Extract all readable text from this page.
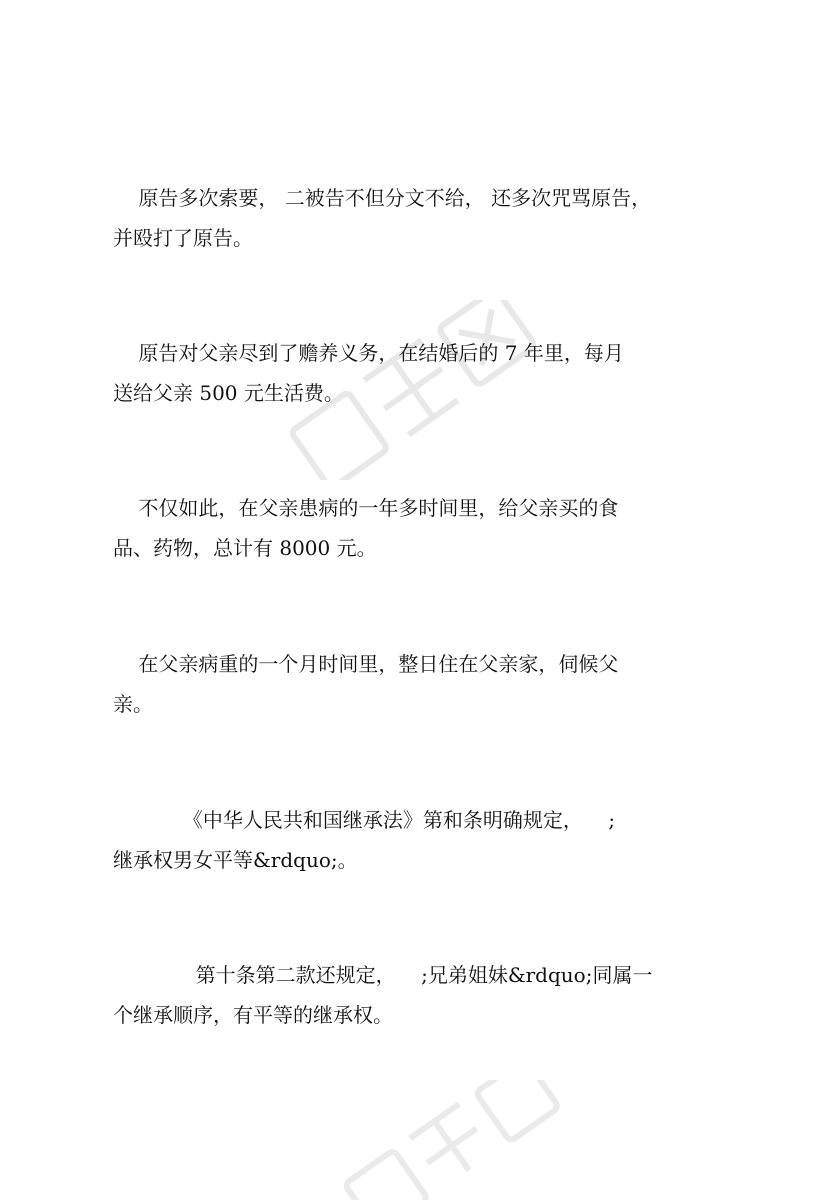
原告多次索要， 二被告不但分文不给， 还多次咒骂原告，
并殴打了原告。

原告对父亲尽到了赡养义务，在结婚后的 7 年里，每月
送给父亲 500 元生活费。

不仅如此，在父亲患病的一年多时间里，给父亲买的食
品、药物，总计有 8000 元。

在父亲病重的一个月时间里，整日住在父亲家，伺候父
亲。

《中华人民共和国继承法》第和条明确规定，    ;
继承权男女平等&rdquo;。

第十条第二款还规定，    ;兄弟姐妹&rdquo;同属一
个继承顺序，有平等的继承权。
